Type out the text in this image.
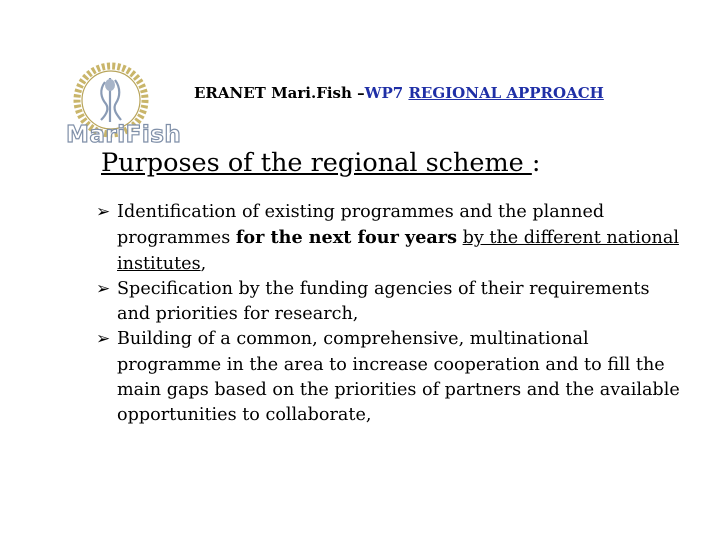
MariFish
ERANET Mari.Fish –WP7 REGIONAL APPROACH
Purposes of the regional scheme :
➢ Identification of existing programmes and the planned programmes for the next four years by the different national institutes,
➢ Specification by the funding agencies of their requirements and priorities for research,
➢ Building of a common, comprehensive, multinational programme in the area to increase cooperation and to fill the main gaps based on the priorities of partners and the available opportunities to collaborate,
